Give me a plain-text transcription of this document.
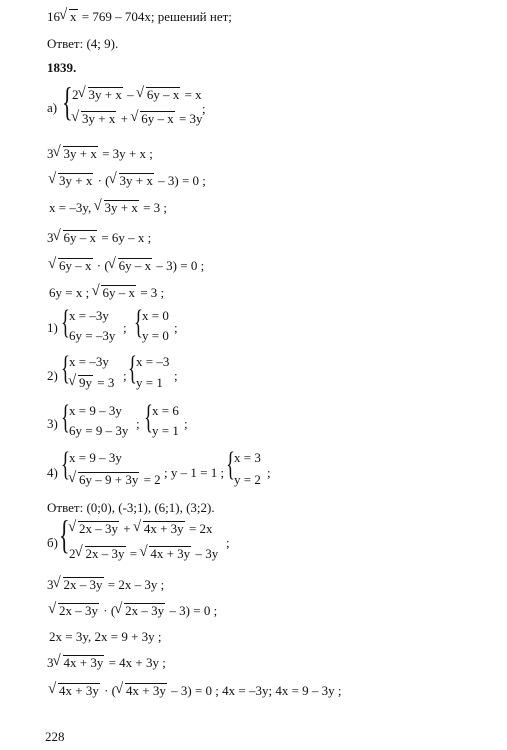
16 √ x = 769 – 704x; решений нет;
Ответ: (4; 9).
1839.
а) { 2 √ 3y + x – √ 6y – x = x
√ 3y + x + √ 6y – x = 3y
;
3 √ 3y + x = 3y + x ;
√ 3y + x · ( √ 3y + x – 3) = 0 ;
x = –3y, √ 3y + x = 3 ;
3 √ 6y – x = 6y – x ;
√ 6y – x · ( √ 6y – x – 3) = 0 ;
6y = x ; √ 6y – x = 3 ;
1) { x = –3y
6y = –3y
; { x = 0
y = 0
;
2) { x = –3y
√ 9y = 3 ; { x = –3
y = 1 ;
3) { x = 9 – 3y
6y = 9 – 3y ; { x = 6
y = 1 ;
4) { x = 9 – 3y
√ 6y – 9 + 3y = 2 ; y – 1 = 1 ; { x = 3
y = 2 ;
Ответ: (0;0), (-3;1), (6;1), (3;2).
б) { √ 2x – 3y + √ 4x + 3y = 2x
2 √ 2x – 3y = √ 4x + 3y – 3y
;
3 √ 2x – 3y = 2x – 3y ;
√ 2x – 3y · ( √ 2x – 3y – 3) = 0 ;
2x = 3y, 2x = 9 + 3y ;
3 √ 4x + 3y = 4x + 3y ;
√ 4x + 3y · ( √ 4x + 3y – 3) = 0 ; 4x = –3y; 4x = 9 – 3y ;
228
